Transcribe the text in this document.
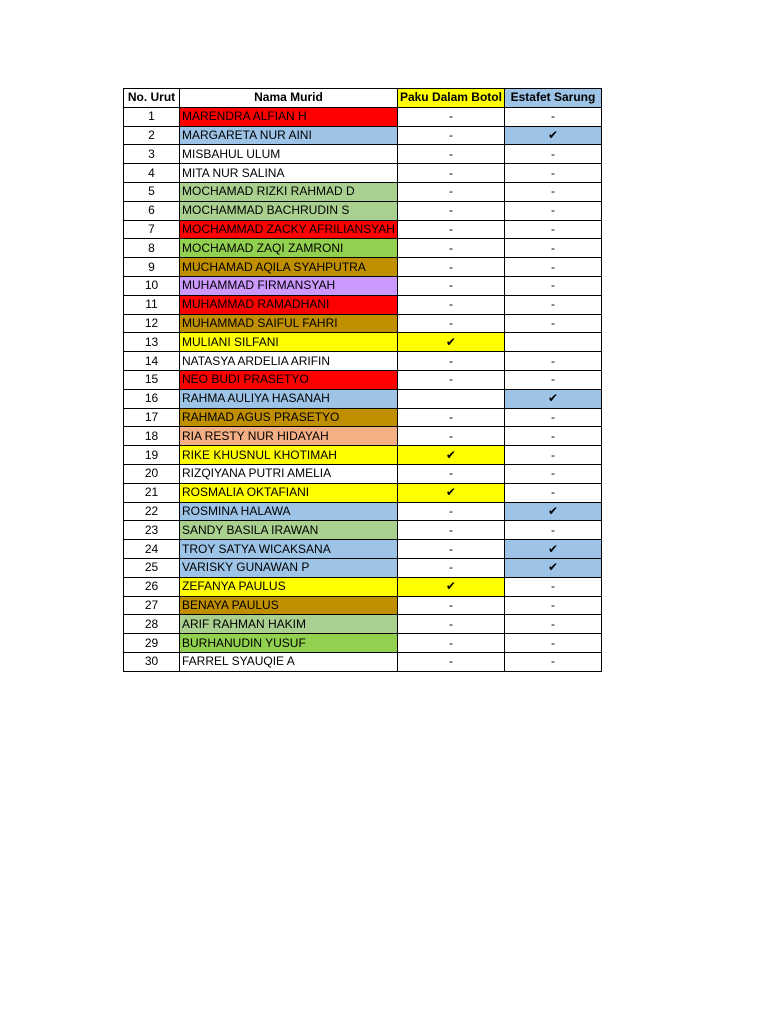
No. Urut	Nama Murid	Paku Dalam Botol	Estafet Sarung
1	MARENDRA ALFIAN H	-	-
2	MARGARETA NUR AINI	-	✔
3	MISBAHUL ULUM	-	-
4	MITA NUR SALINA	-	-
5	MOCHAMAD RIZKI RAHMAD D	-	-
6	MOCHAMMAD BACHRUDIN S	-	-
7	MOCHAMMAD ZACKY AFRILIANSYAH	-	-
8	MOCHAMAD ZAQI ZAMRONI	-	-
9	MUCHAMAD AQILA SYAHPUTRA	-	-
10	MUHAMMAD FIRMANSYAH	-	-
11	MUHAMMAD RAMADHANI	-	-
12	MUHAMMAD SAIFUL FAHRI	-	-
13	MULIANI SILFANI	✔	
14	NATASYA ARDELIA ARIFIN	-	-
15	NEO BUDI PRASETYO	-	-
16	RAHMA AULIYA HASANAH		✔
17	RAHMAD AGUS PRASETYO	-	-
18	RIA RESTY NUR HIDAYAH	-	-
19	RIKE KHUSNUL KHOTIMAH	✔	-
20	RIZQIYANA PUTRI AMELIA	-	-
21	ROSMALIA OKTAFIANI	✔	-
22	ROSMINA HALAWA	-	✔
23	SANDY BASILA IRAWAN	-	-
24	TROY SATYA WICAKSANA	-	✔
25	VARISKY GUNAWAN P	-	✔
26	ZEFANYA PAULUS	✔	-
27	BENAYA PAULUS	-	-
28	ARIF RAHMAN HAKIM	-	-
29	BURHANUDIN YUSUF	-	-
30	FARREL SYAUQIE A	-	-
